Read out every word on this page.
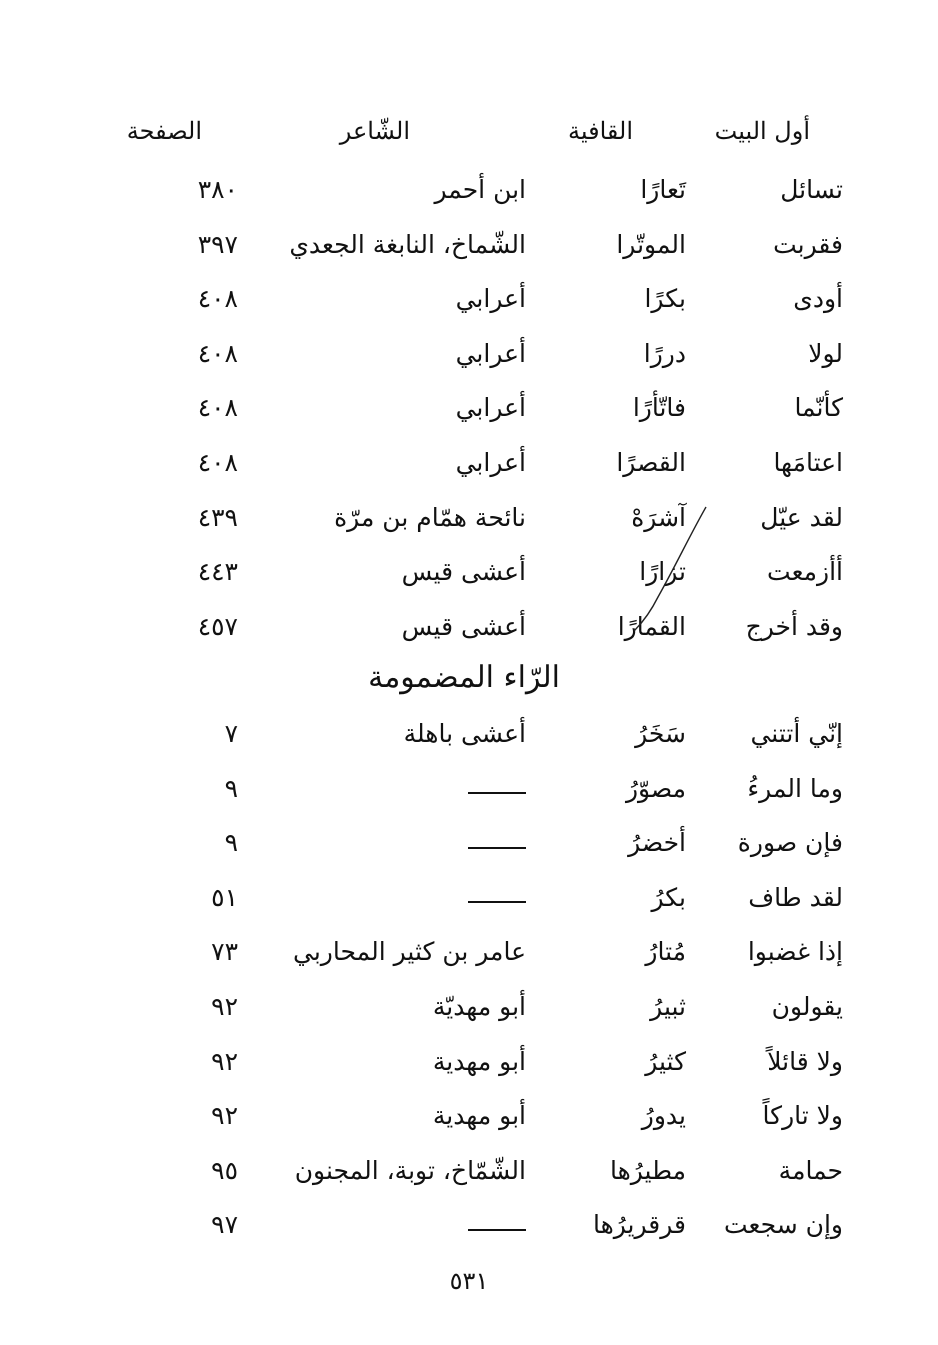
أول البيت
القافية
الشّاعر
الصفحة
تسائل
تَعارًا
ابن أحمر
٣٨٠
فقربت
الموتّرا
الشّماخ، النابغة الجعدي
٣٩٧
أودى
بكرًا
أعرابي
٤٠٨
لولا
دررًا
أعرابي
٤٠٨
كأنّما
فاتّأرًا
أعرابي
٤٠٨
اعتامَها
القصرًا
أعرابي
٤٠٨
لقد عيّل
آشرَهْ
نائحة همّام بن مرّة
٤٣٩
أأزمعت
تزارًا
أعشى قيس
٤٤٣
وقد أخرج
القمارًا
أعشى قيس
٤٥٧
الرّاء المضمومة
إنّي أتتني
سَخَرُ
أعشى باهلة
٧
وما المرءُ
مصوّرُ
٩
فإن صورة
أخضرُ
٩
لقد طاف
بكرُ
٥١
إذا غضبوا
مُتارُ
عامر بن كثير المحاربي
٧٣
يقولون
ثبيرُ
أبو مهديّة
٩٢
ولا قائلاً
كثيرُ
أبو مهدية
٩٢
ولا تاركاً
يدورُ
أبو مهدية
٩٢
حمامة
مطيرُها
الشّمّاخ، توبة، المجنون
٩٥
وإن سجعت
قرقريرُها
٩٧
٥٣١
